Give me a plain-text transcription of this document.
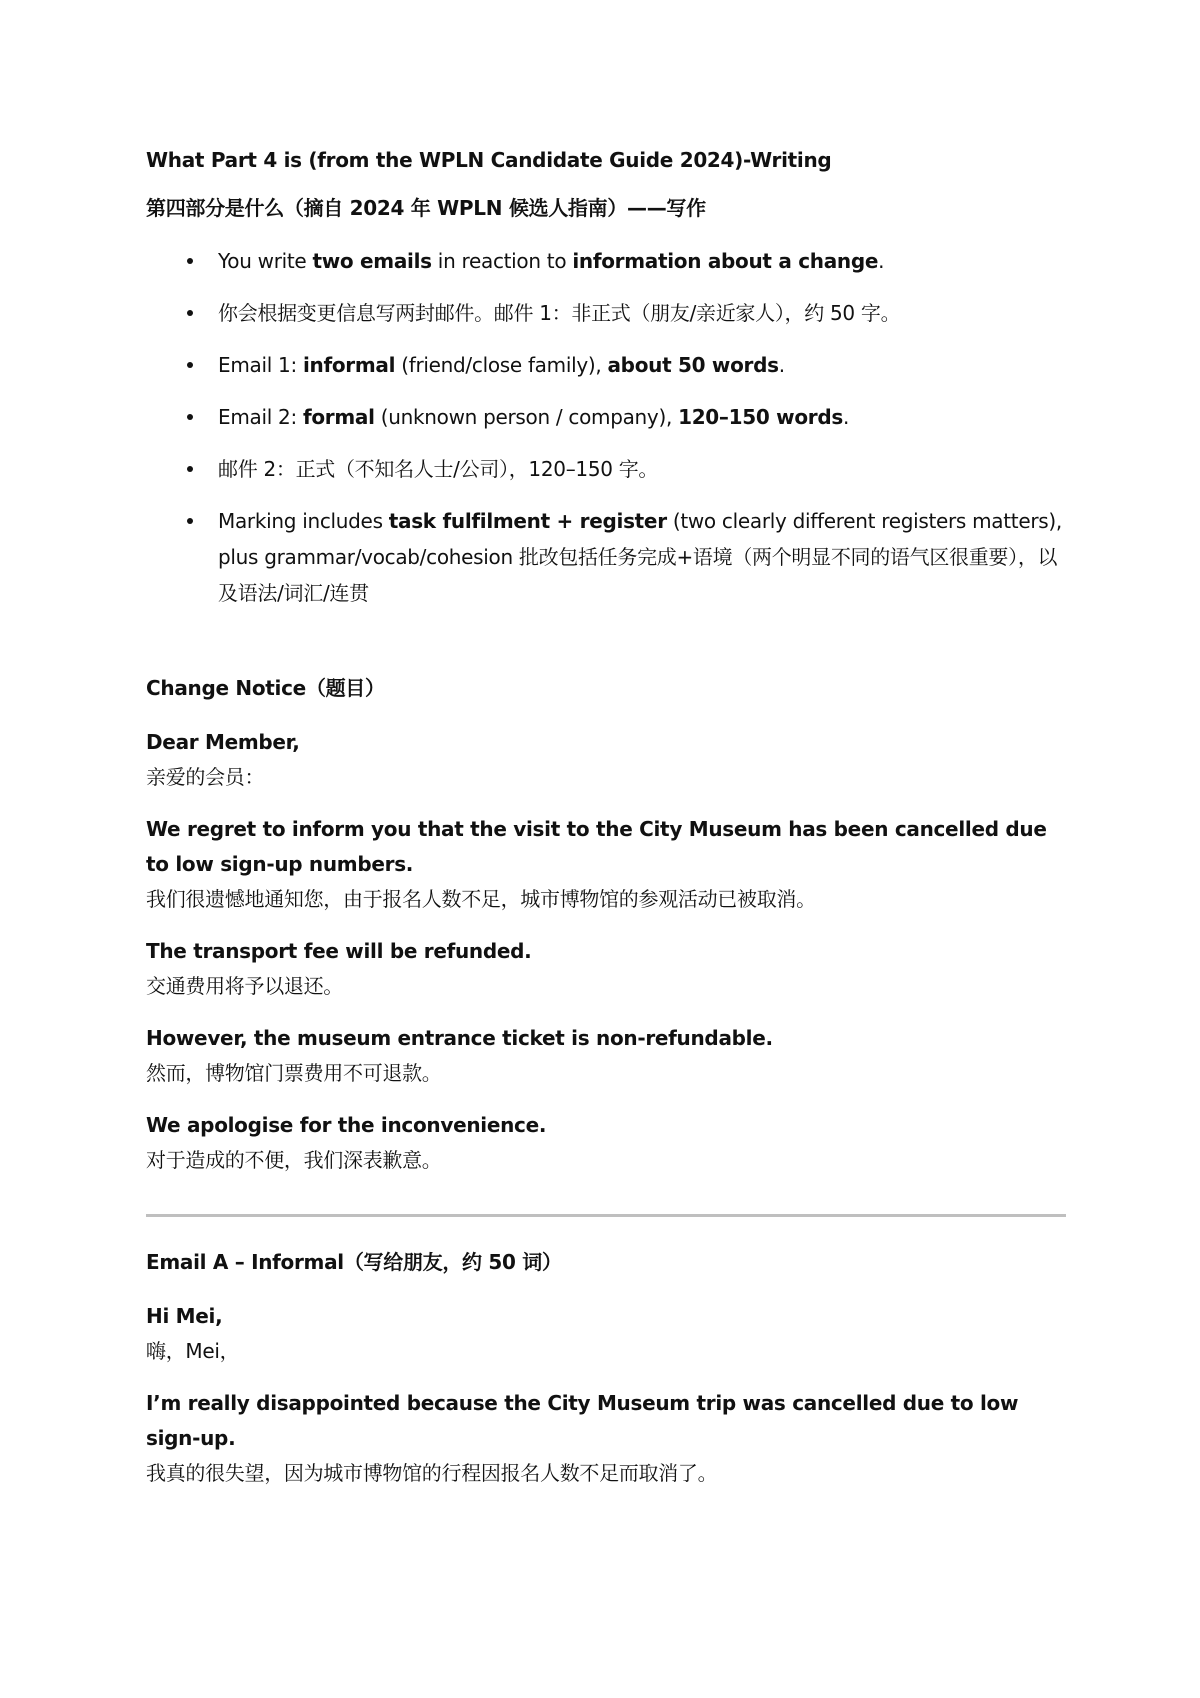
What Part 4 is (from the WPLN Candidate Guide 2024)-Writing

第四部分是什么（摘自 2024 年 WPLN 候选人指南）——写作

You write two emails in reaction to information about a change.
你会根据变更信息写两封邮件。邮件 1：非正式（朋友/亲近家人），约 50 字。
Email 1: informal (friend/close family), about 50 words.
Email 2: formal (unknown person / company), 120–150 words.
邮件 2：正式（不知名人士/公司），120–150 字。
Marking includes task fulfilment + register (two clearly different registers matters), plus grammar/vocab/cohesion 批改包括任务完成+语境（两个明显不同的语气区很重要），以及语法/词汇/连贯

Change Notice（题目）

Dear Member,
亲爱的会员：

We regret to inform you that the visit to the City Museum has been cancelled due to low sign-up numbers.
我们很遗憾地通知您，由于报名人数不足，城市博物馆的参观活动已被取消。

The transport fee will be refunded.
交通费用将予以退还。

However, the museum entrance ticket is non-refundable.
然而，博物馆门票费用不可退款。

We apologise for the inconvenience.
对于造成的不便，我们深表歉意。

Email A – Informal（写给朋友，约 50 词）

Hi Mei,
嗨，Mei，

I’m really disappointed because the City Museum trip was cancelled due to low sign-up.
我真的很失望，因为城市博物馆的行程因报名人数不足而取消了。
